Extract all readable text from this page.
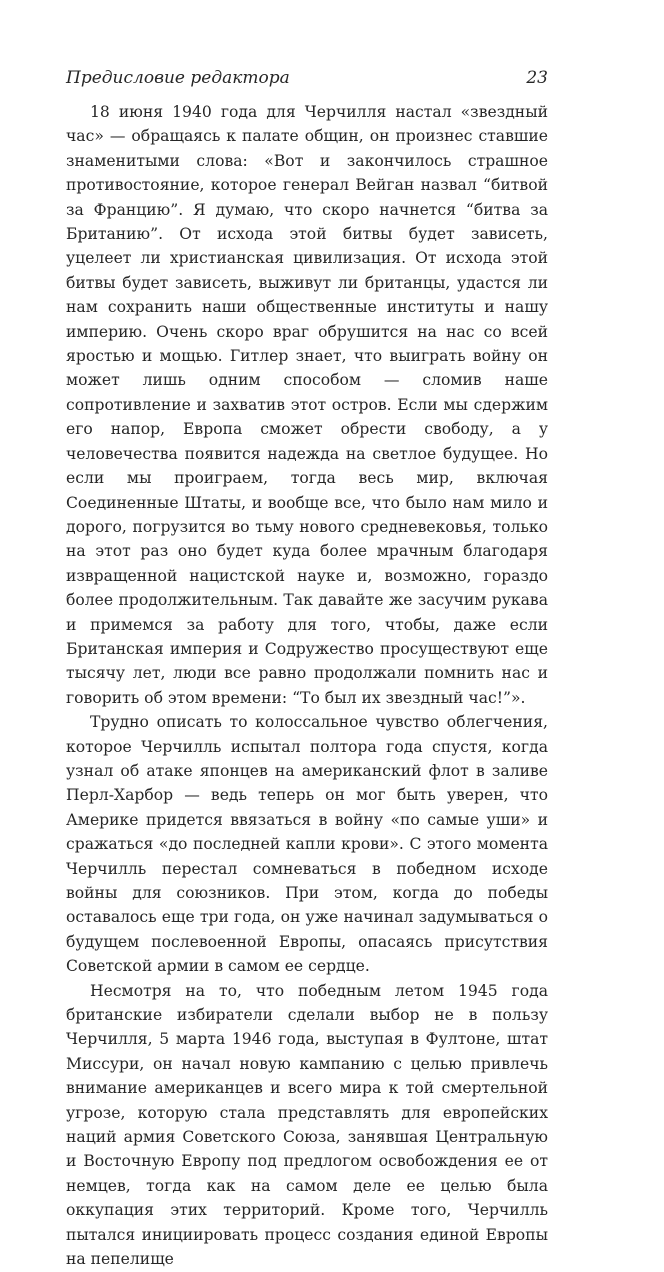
Предисловие редактора	23

18 июня 1940 года для Черчилля настал «звездный час» — обращаясь к палате общин, он произнес ставшие знаменитыми слова: «Вот и закончилось страшное противостояние, которое генерал Вейган назвал “битвой за Францию”. Я думаю, что скоро начнется “битва за Британию”. От исхода этой битвы будет зависеть, уцелеет ли христианская цивилизация. От исхода этой битвы будет зависеть, выживут ли британцы, удастся ли нам сохранить наши общественные институты и нашу империю. Очень скоро враг обрушится на нас со всей яростью и мощью. Гитлер знает, что выиграть войну он может лишь одним способом — сломив наше сопротивление и захватив этот остров. Если мы сдержим его напор, Европа сможет обрести свободу, а у человечества появится надежда на светлое будущее. Но если мы проиграем, тогда весь мир, включая Соединенные Штаты, и вообще все, что было нам мило и дорого, погрузится во тьму нового средневековья, только на этот раз оно будет куда более мрачным благодаря извращенной нацистской науке и, возможно, гораздо более продолжительным. Так давайте же засучим рукава и примемся за работу для того, чтобы, даже если Британская империя и Содружество просуществуют еще тысячу лет, люди все равно продолжали помнить нас и говорить об этом времени: “То был их звездный час!”».

Трудно описать то колоссальное чувство облегчения, которое Черчилль испытал полтора года спустя, когда узнал об атаке японцев на американский флот в заливе Перл-Харбор — ведь теперь он мог быть уверен, что Америке придется ввязаться в войну «по самые уши» и сражаться «до последней капли крови». С этого момента Черчилль перестал сомневаться в победном исходе войны для союзников. При этом, когда до победы оставалось еще три года, он уже начинал задумываться о будущем послевоенной Европы, опасаясь присутствия Советской армии в самом ее сердце.

Несмотря на то, что победным летом 1945 года британские избиратели сделали выбор не в пользу Черчилля, 5 марта 1946 года, выступая в Фултоне, штат Миссури, он начал новую кампанию с целью привлечь внимание американцев и всего мира к той смертельной угрозе, которую стала представлять для европейских наций армия Советского Союза, занявшая Центральную и Восточную Европу под предлогом освобождения ее от немцев, тогда как на самом деле ее целью была оккупация этих территорий. Кроме того, Черчилль пытался инициировать процесс создания единой Европы на пепелище
